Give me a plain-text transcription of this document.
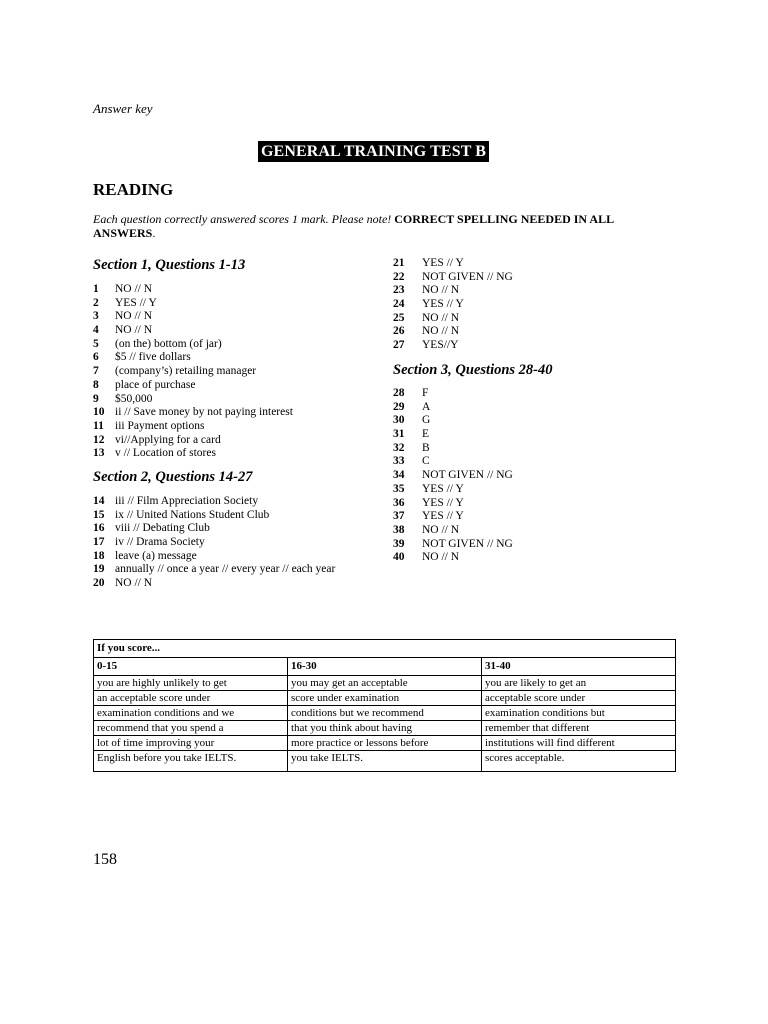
Answer key
GENERAL TRAINING TEST B
READING
Each question correctly answered scores 1 mark. Please note! CORRECT SPELLING NEEDED IN ALL ANSWERS.
Section 1, Questions 1-13
1 NO // N
2 YES // Y
3 NO // N
4 NO // N
5 (on the) bottom (of jar)
6 $5 // five dollars
7 (company’s) retailing manager
8 place of purchase
9 $50,000
10 ii // Save money by not paying interest
11 iii Payment options
12 vi//Applying for a card
13 v // Location of stores
Section 2, Questions 14-27
14 iii // Film Appreciation Society
15 ix // United Nations Student Club
16 viii // Debating Club
17 iv // Drama Society
18 leave (a) message
19 annually // once a year // every year // each year
20 NO // N
21 YES // Y
22 NOT GIVEN // NG
23 NO // N
24 YES // Y
25 NO // N
26 NO // N
27 YES//Y
Section 3, Questions 28-40
28 F
29 A
30 G
31 E
32 B
33 C
34 NOT GIVEN // NG
35 YES // Y
36 YES // Y
37 YES // Y
38 NO // N
39 NOT GIVEN // NG
40 NO // N
If you score...		
0-15	16-30	31-40
you are highly unlikely to get	you may get an acceptable	you are likely to get an
an acceptable score under	score under examination	acceptable score under
examination conditions and we	conditions but we recommend	examination conditions but
recommend that you spend a	that you think about having	remember that different
lot of time improving your	more practice or lessons before	institutions will find different
English before you take IELTS.	you take IELTS.	scores acceptable.
158
